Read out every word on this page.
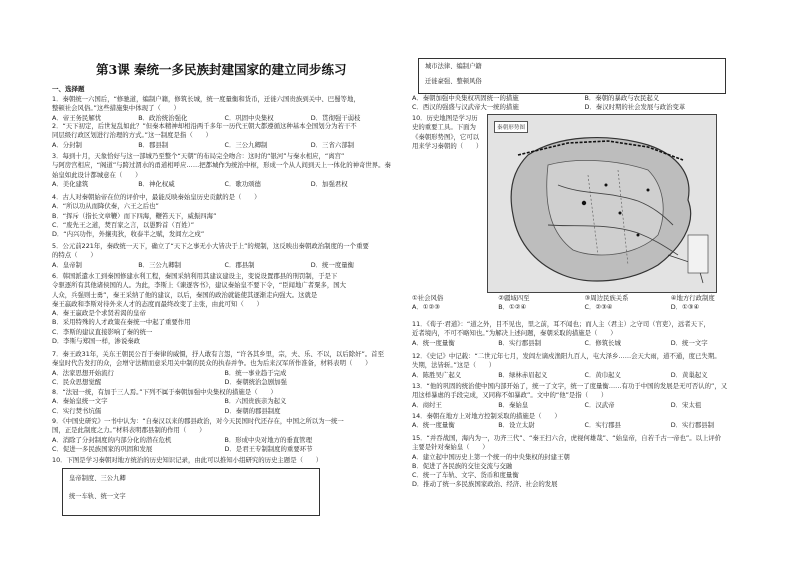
第3课 秦统一多民族封建国家的建立同步练习
一、选择题

1．秦朝统一六国后，“修驰道，编制户籍，修筑长城，统一度量衡和货币，迁徙六国贵族到关中、巴蜀等地，

整顿社会风俗。”这些措施集中体现了（　　）

A．帝王务民解忧	B．政治统治强化	C．巩固中央集权	D．贯彻强干弱枝

2．“天下初定，后世复乱如此？”但秦本精神却相沿两千多年一历代王朝大都遵循这种基本全国划分为若干不

同层级行政区划进行治理的方式。”这一制度是指（　　）

A．分封制	B．郡县制	C．三公九卿制	D．三省六部制

3．每到十月，天象恰好与这一部城乃至整个“天朝”的布局完全吻合：这时的“银河”与秦水相应，“离宫”

与阿房宫相应，“阁道”与跨过渭水的甬道相呼应……把都城作为统治中枢，形成一个从人间到天上一体化的神奇世界。秦

始皇如此设计都城意在（　　）

A．美化建筑	B．神化权威	C．歌功颂德	D．加强君权

4．古人对秦朝始帝在位的评价中，最能反映秦始皇历史贡献的是（　　）

A．“所以功从而降伏秦，六王之后也”

B．“挥斥（指长文章鞭）而下四海，鞭笞天下，威振四海”

C．“废先王之道，焚百家之言，以愚黔首（百姓）”

D．“内兴功作，外攘夷狄，收泰半之赋，发闾左之戍”

5．公元前221年，秦政统一天下，确立了“天下之事无小大皆决于上”的规制，这反映出秦朝政治制度的一个重要

的特点（　　）

A．皇帝制	B．三公九卿制	C．郡县制	D．统一度量衡

6．韩国派遣水工到秦国修建水利工程，秦国采纳利用其建议建设主，变说设置郡县的刑罚制，于是下

令驱逐所有其他诸侯国的人。为此，李斯上《谏逐客书》，建议秦始皇不要下令，“臣闻地广者粟多，国大

人众，兵强则士勇”，秦王采纳了他的建议，以后，秦国的政治就能使其逐渐走向强大。这就是

秦王嬴政和李斯对待外来人才的态度而最终改变了主张，由此可知（　　）

A．秦王嬴政是个求贤若渴的皇帝

B．采用特殊的人才政策在秦统一中起了重要作用

C．李斯的建议直接影响了秦的统一

D．李斯与郑国一样，渗说秦政

7．秦王政31年，关东王朝民公百于秦律的威慑，抒人敢有言怨，“许各其乡里，宗，夫、乐、不以，以后除奸”。首至

秦皇时代告发打的众，会增守法精而意采用关中制的民众的执春并争。也为后来汉军所作准备，材料表明（　　）

A．法家思想开始流行	B．统一事业趋于完成
C．民众思想觉醒	D．秦朝统治急剧加强

8．“法冠一统，有加于三人焉。”下列不属于秦朝加强中央集权的措施是（　　）

A．秦始皇统一文字	B．六国贵族亲为起义
C．实行焚书坑儒	D．秦朝的郡县制度

9．《中国史研究》一书中认为：“自秦汉以来的郡县政治，对今天民国时代还存在，中国之所以为一统一

国，正是此制度之力。”材料表明郡县制的作用（　　）

A．消除了分封制度的内部分化的潜在危机	B．形成中央对地方的垂直管理
C．促进一多民族国家的巩固和发展	D．是君王专制制度的重要环节

10．下图是学习秦朝对地方统治的历史知识记录，由此可以推知小组研究的历史主题是（　　）

皇帝制度、三公九卿
统一车轨、统一文字
城市法律、编制户籍
迁徙豪强、整顿风俗
A．秦朝加强中央集权巩固统一的措施	B．秦朝的暴政与农民起义
C．西汉的强盛与汉武帝大一统的措施	D．秦汉时期的社会发展与政治变革

10．历史地图是学习历史的重要工具。下面为《秦朝形势图》，它可以用来学习秦朝的（　　）

秦朝形势图
①社会风俗	②疆域四至	③周边民族关系	④地方行政制度
A．①②③	B．①②④	C．②③④	D．①③④

11．《荀子·君道》：“道之外，目不见也，里之前，耳不闻也；而人主（君主）之守司（官吏），远者天下，

近者境内，不可不略知也。”为解决上述问题，秦朝采取的措施是（　　）

A．统一度量衡	B．实行郡县制	C．修筑长城	D．统一文字

12．《史记》中记载：“二世元年七月，发闾左谪戍渔阳九百人，屯大泽乡……会天大雨，道不通，度已失期。

失期，法皆斩。”这是（　　）

A．陈胜吴广起义	B．绿林赤眉起义	C．黄巾起义	D．黄巢起义

13．“他的巩固的统治使中国内部开始了，统一了文字，统一了度量衡……有功于中国的发展是无可否认的”，又

用这样暴虐的手段完成，又同称不如暴政”。文中的“他”是指（　　）

A．商纣王	B．秦始皇	C．汉武帝	D．宋太祖

14．秦朝在地方上对地方控制采取的措施是（　　）

A．统一度量衡	B．设立太尉	C．实行郡县	D．实行郡县制

15．“并吞战国，海内为一，功齐三代”、“秦王扫六合，虎视何雄哉”、“始皇帝，自若千古一帝也”。以上评价

主要是针对秦始皇（　　）

A．建立起中国历史上第一个统一的中央集权的封建王朝

B．促进了各民族的交往交流与交融

C．统一了车轨、文字、货币和度量衡

D．推动了统一多民族国家政治、经济、社会的发展
